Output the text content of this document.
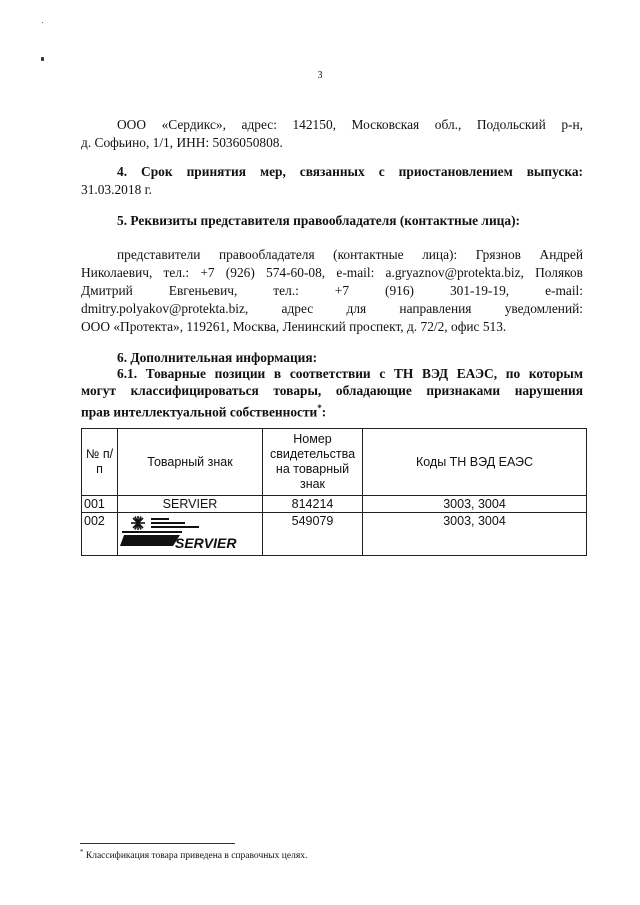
3
ООО «Сердикс», адрес: 142150, Московская обл., Подольский р-н,
д. Софьино, 1/1, ИНН: 5036050808.
4. Срок принятия мер, связанных с приостановлением выпуска:
31.03.2018 г.
5. Реквизиты представителя правообладателя (контактные лица):
представители правообладателя (контактные лица): Грязнов Андрей
Николаевич, тел.: +7 (926) 574-60-08, e-mail: a.gryaznov@protekta.biz, Поляков
Дмитрий Евгеньевич, тел.: +7 (916) 301-19-19, e-mail:
dmitry.polyakov@protekta.biz, адрес для направления уведомлений:
ООО «Протекта», 119261, Москва, Ленинский проспект, д. 72/2, офис 513.
6. Дополнительная информация:
6.1. Товарные позиции в соответствии с ТН ВЭД ЕАЭС, по которым
могут классифицироваться товары, обладающие признаками нарушения
прав интеллектуальной собственности*:
№ п/п	Товарный знак	Номер свидетельства на товарный знак	Коды ТН ВЭД ЕАЭС
001	SERVIER	814214	3003, 3004
002	SERVIER	549079	3003, 3004
* Классификация товара приведена в справочных целях.
